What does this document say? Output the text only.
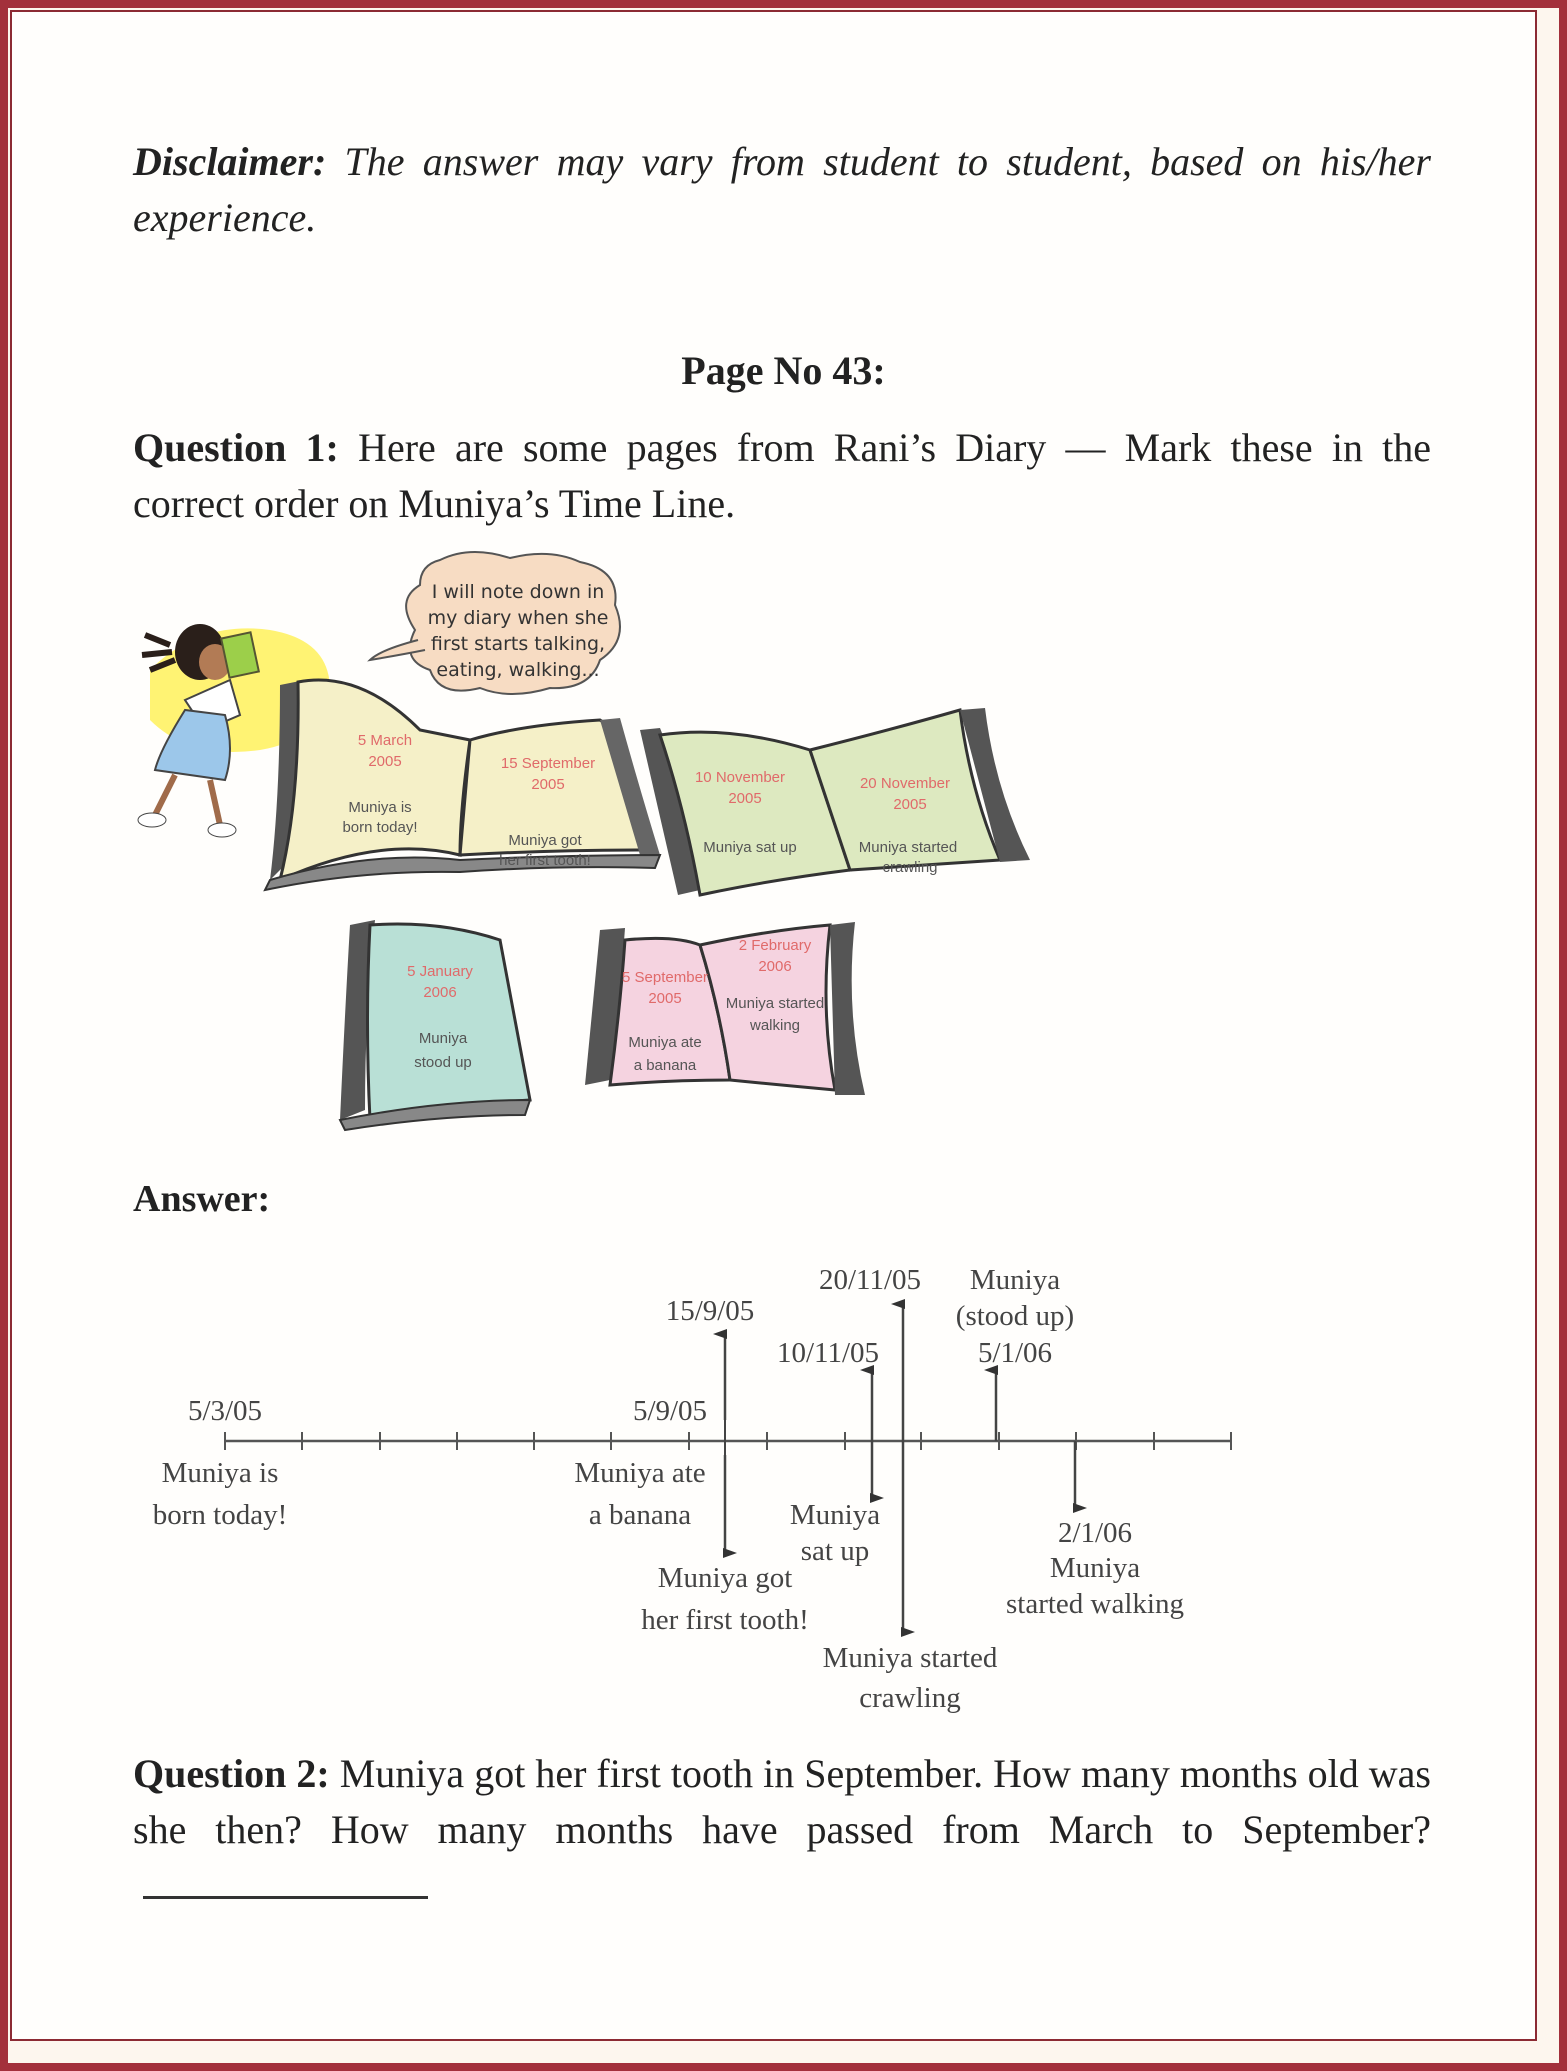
Disclaimer: The answer may vary from student to student, based on his/her experience.
Page No 43:
Question 1: Here are some pages from Rani’s Diary — Mark these in the correct order on Muniya’s Time Line.
I will note down in
my diary when she
first starts talking,
eating, walking...
5 March
2005
Muniya is
born today!
15 September
2005
Muniya got
her first tooth!
10 November
2005
Muniya sat up
20 November
2005
Muniya started
crawling
5 January
2006
Muniya
stood up
5 September
2005
Muniya ate
a banana
2 February
2006
Muniya started
walking
Answer:
5/3/05
Muniya is
born today!
5/9/05
Muniya ate
a banana
15/9/05
Muniya got
her first tooth!
10/11/05
Muniya
sat up
20/11/05
Muniya started
crawling
Muniya
(stood up)
5/1/06
2/1/06
Muniya
started walking
Question 2: Muniya got her first tooth in September. How many months old was she then? How many months have passed from March to September?
